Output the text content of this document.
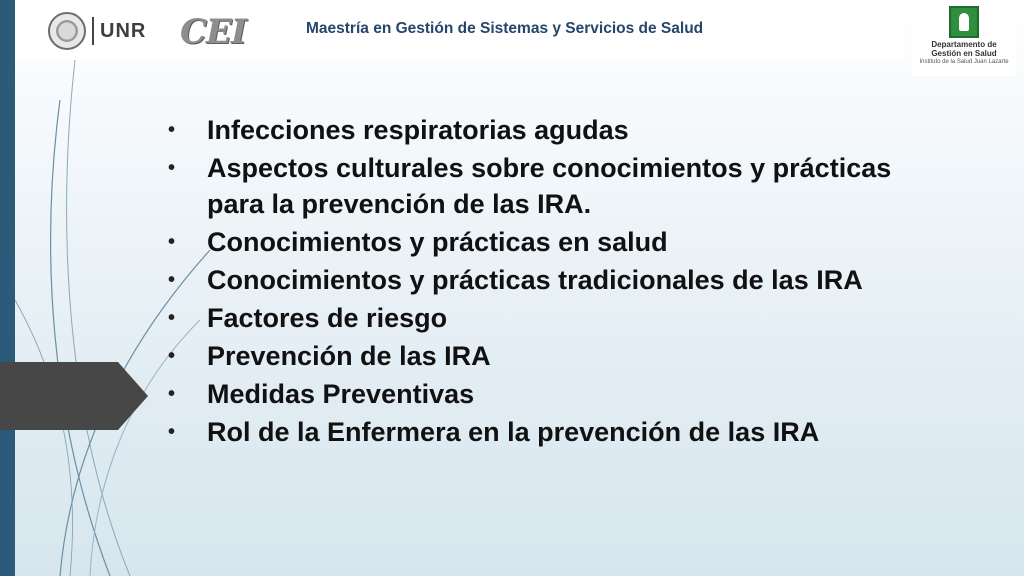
UNR CEI	Maestría en Gestión de Sistemas y Servicios de Salud
Departamento de
Gestión en Salud
Instituto de la Salud Juan Lazarte
•	Infecciones respiratorias agudas
•	Aspectos culturales sobre conocimientos y prácticas para la prevención de las IRA.
•	Conocimientos y prácticas en salud
•	Conocimientos y prácticas tradicionales de las IRA
•	Factores de riesgo
•	Prevención de las IRA
•	Medidas Preventivas
•	Rol de la Enfermera en la prevención de las IRA
